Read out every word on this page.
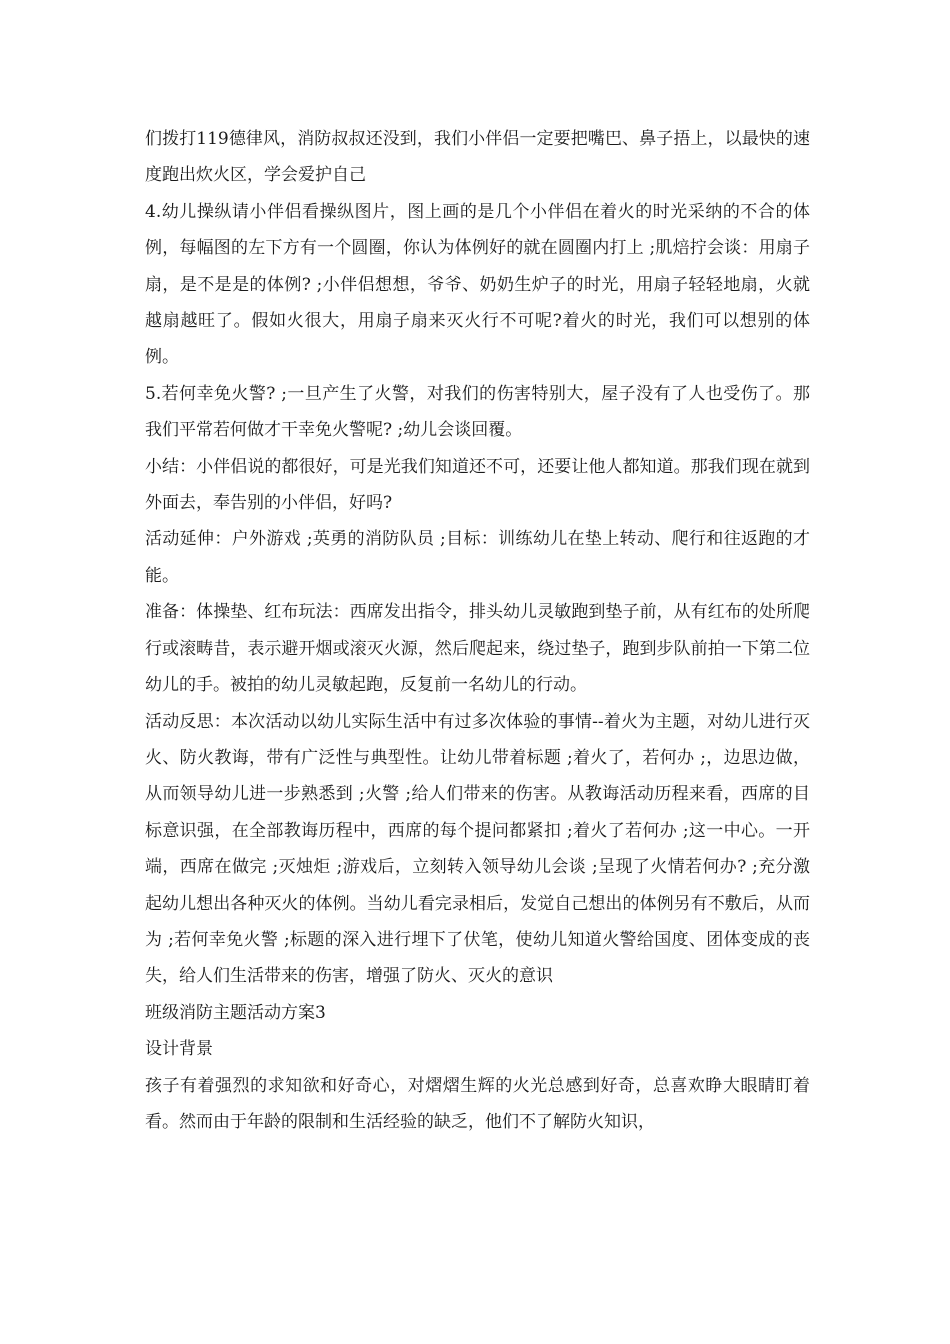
们拨打119德律风，消防叔叔还没到，我们小伴侣一定要把嘴巴、鼻子捂上，以最快的速度跑出炊火区，学会爱护自己

4.幼儿操纵请小伴侣看操纵图片，图上画的是几个小伴侣在着火的时光采纳的不合的体例，每幅图的左下方有一个圆圈，你认为体例好的就在圆圈内打上 ;肌焙拧会谈：用扇子扇，是不是是的体例? ;小伴侣想想，爷爷、奶奶生炉子的时光，用扇子轻轻地扇，火就越扇越旺了。假如火很大，用扇子扇来灭火行不可呢?着火的时光，我们可以想别的体例。

5.若何幸免火警? ;一旦产生了火警，对我们的伤害特别大，屋子没有了人也受伤了。那我们平常若何做才干幸免火警呢? ;幼儿会谈回覆。

小结：小伴侣说的都很好，可是光我们知道还不可，还要让他人都知道。那我们现在就到外面去，奉告别的小伴侣，好吗?

活动延伸：户外游戏 ;英勇的消防队员 ;目标：训练幼儿在垫上转动、爬行和往返跑的才能。

准备：体操垫、红布玩法：西席发出指令，排头幼儿灵敏跑到垫子前，从有红布的处所爬行或滚畴昔，表示避开烟或滚灭火源，然后爬起来，绕过垫子，跑到步队前拍一下第二位幼儿的手。被拍的幼儿灵敏起跑，反复前一名幼儿的行动。

活动反思：本次活动以幼儿实际生活中有过多次体验的事情--着火为主题，对幼儿进行灭火、防火教诲，带有广泛性与典型性。让幼儿带着标题 ;着火了，若何办 ;，边思边做，从而领导幼儿进一步熟悉到 ;火警 ;给人们带来的伤害。从教诲活动历程来看，西席的目标意识强，在全部教诲历程中，西席的每个提问都紧扣 ;着火了若何办 ;这一中心。一开端，西席在做完 ;灭烛炬 ;游戏后，立刻转入领导幼儿会谈 ;呈现了火情若何办? ;充分激起幼儿想出各种灭火的体例。当幼儿看完录相后，发觉自己想出的体例另有不敷后，从而为 ;若何幸免火警 ;标题的深入进行埋下了伏笔，使幼儿知道火警给国度、团体变成的丧失，给人们生活带来的伤害，增强了防火、灭火的意识

班级消防主题活动方案3

设计背景

孩子有着强烈的求知欲和好奇心，对熠熠生辉的火光总感到好奇，总喜欢睁大眼睛盯着看。然而由于年龄的限制和生活经验的缺乏，他们不了解防火知识，
